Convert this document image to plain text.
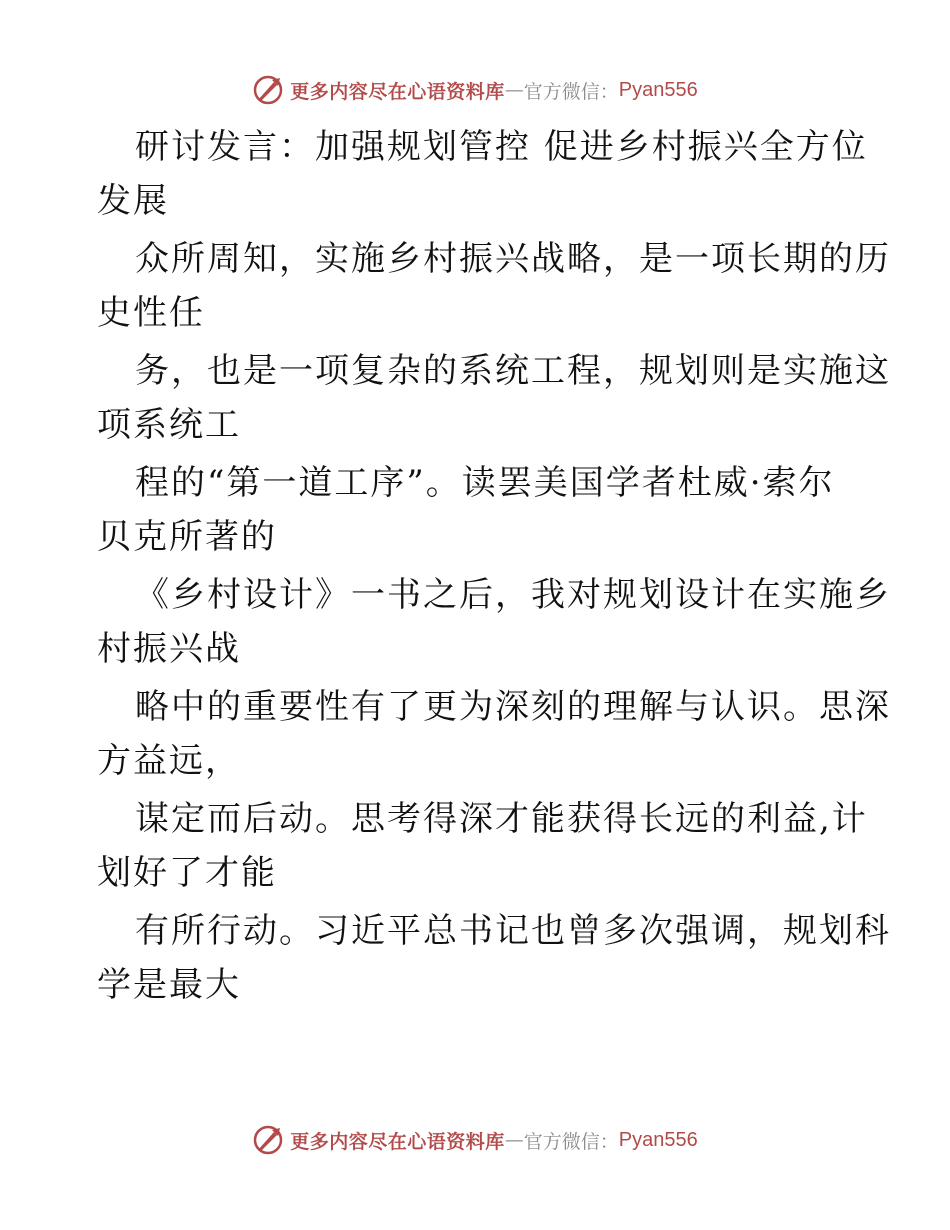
更多内容尽在心语资料库 — 官方微信： Pyan556
研讨发言：加强规划管控 促进乡村振兴全方位
发展
众所周知，实施乡村振兴战略，是一项长期的历
史性任
务，也是一项复杂的系统工程，规划则是实施这
项系统工
程的“第一道工序”。读罢美国学者杜威·索尔
贝克所著的
《乡村设计》一书之后，我对规划设计在实施乡
村振兴战
略中的重要性有了更为深刻的理解与认识。思深
方益远，
谋定而后动。思考得深才能获得长远的利益,计
划好了才能
有所行动。习近平总书记也曾多次强调，规划科
学是最大
更多内容尽在心语资料库 — 官方微信： Pyan556
